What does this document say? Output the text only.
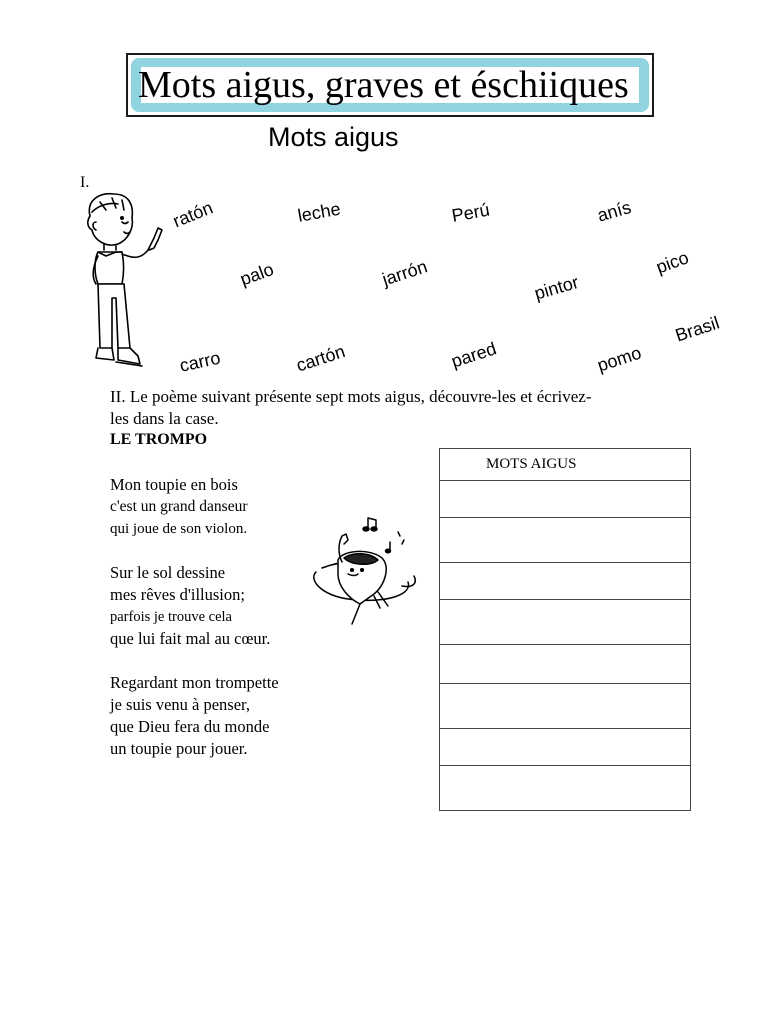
Mots aigus, graves et éschiiques
Mots aigus
I.
ratón	leche	Perú	anís
palo	jarrón	pintor
pico
Brasil
carro	cartón	pared	pomo
II. Le poème suivant présente sept mots aigus, découvre-les et écrivez-les dans la case.
LE TROMPO
Mon toupie en bois
c'est un grand danseur
qui joue de son violon.
Sur le sol dessine
mes rêves d'illusion;
parfois je trouve cela
que lui fait mal au cœur.
Regardant mon trompette
je suis venu à penser,
que Dieu fera du monde
un toupie pour jouer.
MOTS AIGUS
